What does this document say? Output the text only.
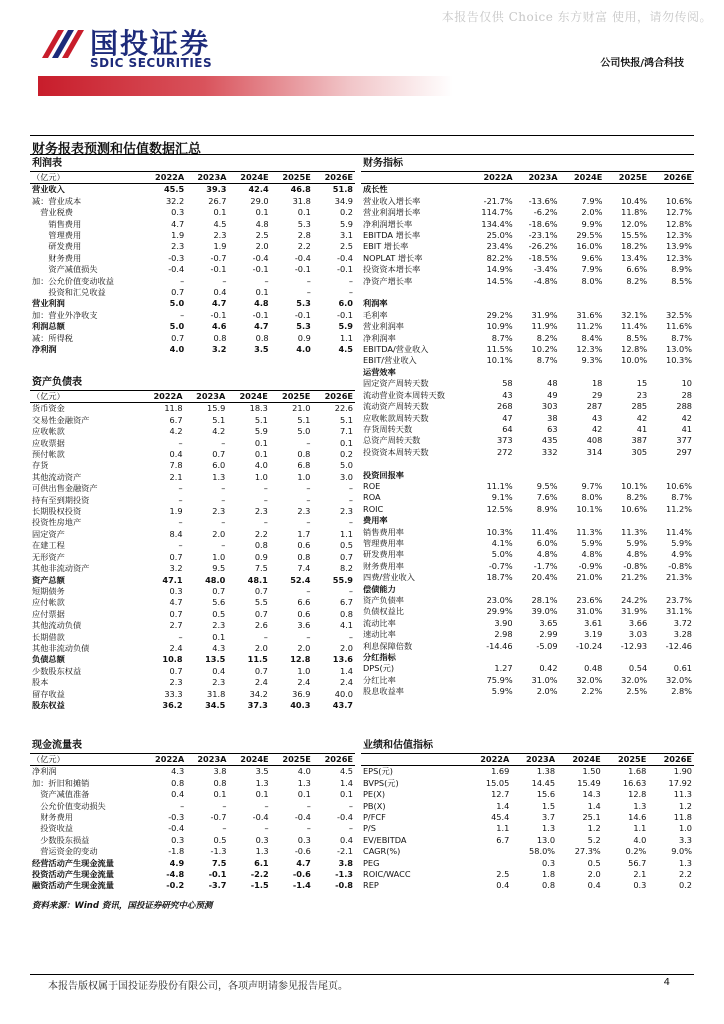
本报告仅供 Choice 东方财富 使用，请勿传阅。
国投证券
SDIC SECURITIES	公司快报/鸿合科技
财务报表预测和估值数据汇总
利润表
（亿元）	2022A	2023A	2024E	2025E	2026E
营业收入	45.5	39.3	42.4	46.8	51.8
减：营业成本	32.2	26.7	29.0	31.8	34.9
　营业税费	0.3	0.1	0.1	0.1	0.2
　　销售费用	4.7	4.5	4.8	5.3	5.9
　　管理费用	1.9	2.3	2.5	2.8	3.1
　　研发费用	2.3	1.9	2.0	2.2	2.5
　　财务费用	-0.3	-0.7	-0.4	-0.4	-0.4
　　资产减值损失	-0.4	-0.1	-0.1	-0.1	-0.1
加：公允价值变动收益	–	–	–	–	–
　　投资和汇兑收益	0.7	0.4	0.1	–	–
营业利润	5.0	4.7	4.8	5.3	6.0
加：营业外净收支	–	-0.1	-0.1	-0.1	-0.1
利润总额	5.0	4.6	4.7	5.3	5.9
减：所得税	0.7	0.8	0.8	0.9	1.1
净利润	4.0	3.2	3.5	4.0	4.5
资产负债表
（亿元）	2022A	2023A	2024E	2025E	2026E
货币资金	11.8	15.9	18.3	21.0	22.6
交易性金融资产	6.7	5.1	5.1	5.1	5.1
应收帐款	4.2	4.2	5.9	5.0	7.1
应收票据	–	–	0.1	–	0.1
预付帐款	0.4	0.7	0.1	0.8	0.2
存货	7.8	6.0	4.0	6.8	5.0
其他流动资产	2.1	1.3	1.0	1.0	3.0
可供出售金融资产	–	–	–	–	–
持有至到期投资	–	–	–	–	–
长期股权投资	1.9	2.3	2.3	2.3	2.3
投资性房地产	–	–	–	–	–
固定资产	8.4	2.0	2.2	1.7	1.1
在建工程	–	–	0.8	0.6	0.5
无形资产	0.7	1.0	0.9	0.8	0.7
其他非流动资产	3.2	9.5	7.5	7.4	8.2
资产总额	47.1	48.0	48.1	52.4	55.9
短期债务	0.3	0.7	0.7	–	–
应付帐款	4.7	5.6	5.5	6.6	6.7
应付票据	0.7	0.5	0.7	0.6	0.8
其他流动负债	2.7	2.3	2.6	3.6	4.1
长期借款	–	0.1	–	–	–
其他非流动负债	2.4	4.3	2.0	2.0	2.0
负债总额	10.8	13.5	11.5	12.8	13.6
少数股东权益	0.7	0.4	0.7	1.0	1.4
股本	2.3	2.3	2.4	2.4	2.4
留存收益	33.3	31.8	34.2	36.9	40.0
股东权益	36.2	34.5	37.3	40.3	43.7
现金流量表
（亿元）	2022A	2023A	2024E	2025E	2026E
净利润	4.3	3.8	3.5	4.0	4.5
加：折旧和摊销	0.8	0.8	1.3	1.3	1.4
　资产减值准备	0.4	0.1	0.1	0.1	0.1
　公允价值变动损失	–	–	–	–	–
　财务费用	-0.3	-0.7	-0.4	-0.4	-0.4
　投资收益	-0.4	–	–	–	–
　少数股东损益	0.3	0.5	0.3	0.3	0.4
　营运资金的变动	-1.8	-1.3	1.3	-0.6	-2.1
经营活动产生现金流量	4.9	7.5	6.1	4.7	3.8
投资活动产生现金流量	-4.8	-0.1	-2.2	-0.6	-1.3
融资活动产生现金流量	-0.2	-3.7	-1.5	-1.4	-0.8
财务指标
	2022A	2023A	2024E	2025E	2026E
成长性					
营业收入增长率	-21.7%	-13.6%	7.9%	10.4%	10.6%
营业利润增长率	114.7%	-6.2%	2.0%	11.8%	12.7%
净利润增长率	134.4%	-18.6%	9.9%	12.0%	12.8%
EBITDA 增长率	25.0%	-23.1%	29.5%	15.5%	12.3%
EBIT 增长率	23.4%	-26.2%	16.0%	18.2%	13.9%
NOPLAT 增长率	82.2%	-18.5%	9.6%	13.4%	12.3%
投资资本增长率	14.9%	-3.4%	7.9%	6.6%	8.9%
净资产增长率	14.5%	-4.8%	8.0%	8.2%	8.5%

利润率					
毛利率	29.2%	31.9%	31.6%	32.1%	32.5%
营业利润率	10.9%	11.9%	11.2%	11.4%	11.6%
净利润率	8.7%	8.2%	8.4%	8.5%	8.7%
EBITDA/营业收入	11.5%	10.2%	12.3%	12.8%	13.0%
EBIT/营业收入	10.1%	8.7%	9.3%	10.0%	10.3%
运营效率					
固定资产周转天数	58	48	18	15	10
流动营业资本周转天数	43	49	29	23	28
流动资产周转天数	268	303	287	285	288
应收帐款周转天数	47	38	43	42	42
存货周转天数	64	63	42	41	41
总资产周转天数	373	435	408	387	377
投资资本周转天数	272	332	314	305	297

投资回报率					
ROE	11.1%	9.5%	9.7%	10.1%	10.6%
ROA	9.1%	7.6%	8.0%	8.2%	8.7%
ROIC	12.5%	8.9%	10.1%	10.6%	11.2%
费用率					
销售费用率	10.3%	11.4%	11.3%	11.3%	11.4%
管理费用率	4.1%	6.0%	5.9%	5.9%	5.9%
研发费用率	5.0%	4.8%	4.8%	4.8%	4.9%
财务费用率	-0.7%	-1.7%	-0.9%	-0.8%	-0.8%
四费/营业收入	18.7%	20.4%	21.0%	21.2%	21.3%
偿债能力					
资产负债率	23.0%	28.1%	23.6%	24.2%	23.7%
负债权益比	29.9%	39.0%	31.0%	31.9%	31.1%
流动比率	3.90	3.65	3.61	3.66	3.72
速动比率	2.98	2.99	3.19	3.03	3.28
利息保障倍数	-14.46	-5.09	-10.24	-12.93	-12.46
分红指标					
DPS(元)	1.27	0.42	0.48	0.54	0.61
分红比率	75.9%	31.0%	32.0%	32.0%	32.0%
股息收益率	5.9%	2.0%	2.2%	2.5%	2.8%
业绩和估值指标
	2022A	2023A	2024E	2025E	2026E
EPS(元)	1.69	1.38	1.50	1.68	1.90
BVPS(元)	15.05	14.45	15.49	16.63	17.92
PE(X)	12.7	15.6	14.3	12.8	11.3
PB(X)	1.4	1.5	1.4	1.3	1.2
P/FCF	45.4	3.7	25.1	14.6	11.8
P/S	1.1	1.3	1.2	1.1	1.0
EV/EBITDA	6.7	13.0	5.2	4.0	3.3
CAGR(%)		58.0%	27.3%	0.2%	9.0%
PEG		0.3	0.5	56.7	1.3
ROIC/WACC	2.5	1.8	2.0	2.1	2.2
REP	0.4	0.8	0.4	0.3	0.2
资料来源：Wind 资讯，国投证券研究中心预测
本报告版权属于国投证券股份有限公司，各项声明请参见报告尾页。	4
